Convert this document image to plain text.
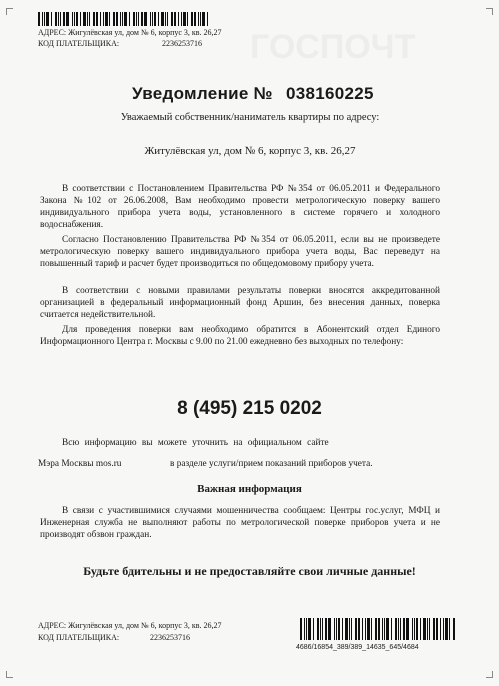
ГОСПОЧТ
АДРЕС: Жигулёвская ул, дом № 6, корпус 3, кв. 26,27
КОД ПЛАТЕЛЬЩИКА:	2236253716
Уведомление № 038160225
Уважаемый собственник/наниматель квартиры по адресу:
Житулёвская ул, дом № 6, корпус 3, кв. 26,27
В соответствии с Постановлением Правительства РФ №354 от 06.05.2011 и Федерального Закона №102 от 26.06.2008, Вам необходимо провести метрологическую поверку вашего индивидуального прибора учета воды, установленного в системе горячего и холодного водоснабжения.
Согласно Постановлению Правительства РФ №354 от 06.05.2011, если вы не произведете метрологическую поверку вашего индивидуального прибора учета воды, Вас переведут на повышенный тариф и расчет будет производиться по общедомовому прибору учета.
В соответствии с новыми правилами результаты поверки вносятся аккредитованной организацией в федеральный информационный фонд Аршин, без внесения данных, поверка считается недействительной.
Для проведения поверки вам необходимо обратится в Абонентский отдел Единого Информационного Центра г. Москвы с 9.00 по 21.00 ежедневно без выходных по телефону:
8 (495) 215 0202
Всю информацию вы можете уточнить на официальном сайте
Мэра Москвы mos.ru	в разделе услуги/прием показаний приборов учета.
Важная информация
В связи с участившимися случаями мошенничества сообщаем: Центры гос.услуг, МФЦ и Инженерная служба не выполняют работы по метрологической поверке приборов учета и не производят обзвон граждан.
Будьте бдительны и не предоставляйте свои личные данные!
АДРЕС: Жигулёвская ул, дом № 6, корпус 3, кв. 26,27
КОД ПЛАТЕЛЬЩИКА:	2236253716
4686/16854_389/389_14635_645/4684
